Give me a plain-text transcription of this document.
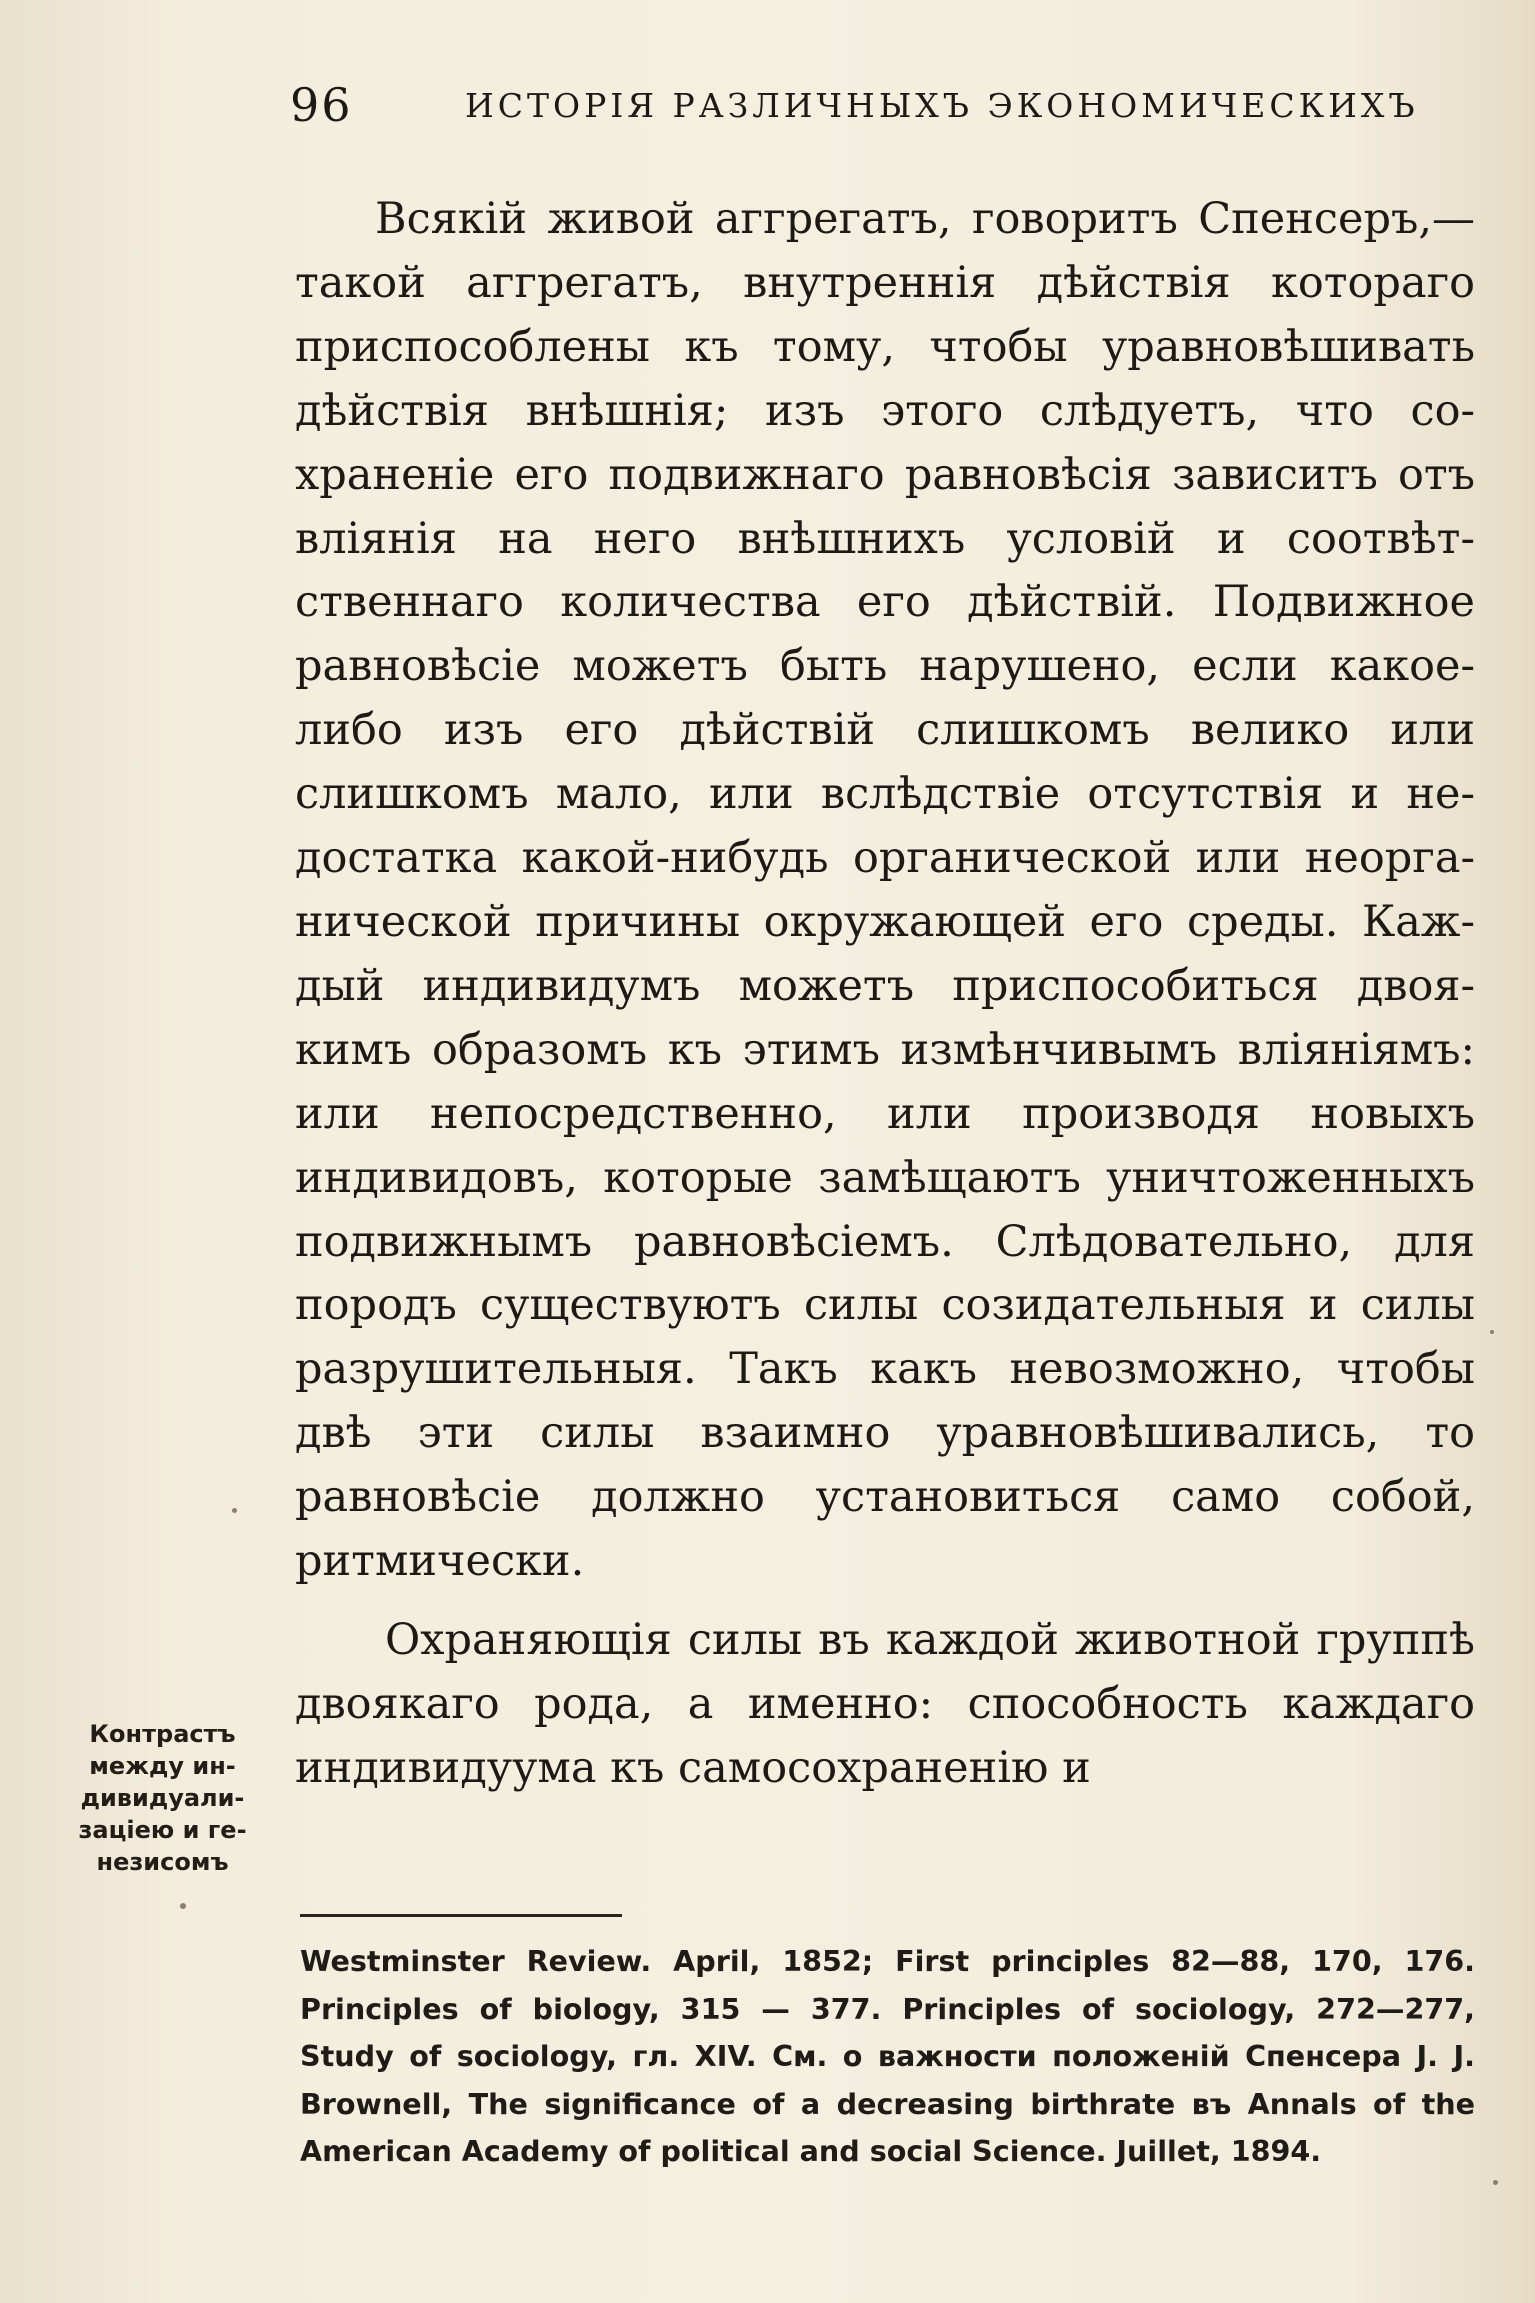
96	ИСТОРІЯ РАЗЛИЧНЫХЪ ЭКОНОМИЧЕСКИХЪ

Всякій живой аггрегатъ, говоритъ Спенсеръ,— такой аггрегатъ, внутреннія дѣйствія котораго приспособлены къ тому, чтобы уравновѣшивать дѣйствія внѣшнія; изъ этого слѣдуетъ, что сохраненіе его подвижнаго равновѣсія зависитъ отъ вліянія на него внѣшнихъ условій и соотвѣтственнаго количества его дѣйствій. Подвижное равновѣсіе можетъ быть нарушено, если какое-либо изъ его дѣйствій слишкомъ велико или слишкомъ мало, или вслѣдствіе отсутствія и недостатка какой-нибудь органической или неорганической причины окружающей его среды. Каждый индивидумъ можетъ приспособиться двоякимъ образомъ къ этимъ измѣнчивымъ вліяніямъ: или непосредственно, или производя новыхъ индивидовъ, которые замѣщаютъ уничтоженныхъ подвижнымъ равновѣсіемъ. Слѣдовательно, для породъ существуютъ силы созидательныя и силы разрушительныя. Такъ какъ невозможно, чтобы двѣ эти силы взаимно уравновѣшивались, то равновѣсіе должно установиться само собой, ритмически.

Охраняющія силы въ каждой животной группѣ двоякаго рода, а именно: способность каждаго индивидуума къ самосохраненію и

Контрастъ
между ин-
дивидуали-
заціею и ге-
незисомъ

Westminster Review. April, 1852; First principles 82—88, 170, 176. Principles of biology, 315 — 377. Principles of sociology, 272—277, Study of sociology, гл. XIV. См. о важности положеній Спенсера J. J. Brownell, The significance of a decreasing birthrate въ Annals of the American Academy of political and social Science. Juillet, 1894.
